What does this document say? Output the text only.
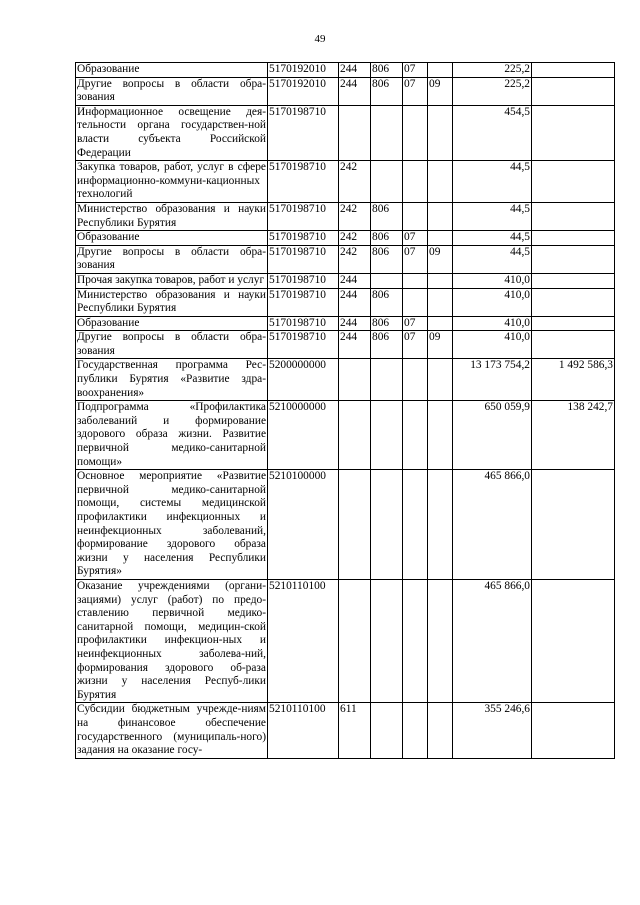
49
Образование	5170192010	244	806	07		225,2	
Другие вопросы в области обра-зования	5170192010	244	806	07	09	225,2	
Информационное освещение дея-тельности органа государствен-ной власти субъекта Российской Федерации	5170198710					454,5	
Закупка товаров, работ, услуг в сфере информационно-коммуни-кационных технологий	5170198710	242				44,5	
Министерство образования и науки Республики Бурятия	5170198710	242	806			44,5	
Образование	5170198710	242	806	07		44,5	
Другие вопросы в области обра-зования	5170198710	242	806	07	09	44,5	
Прочая закупка товаров, работ и услуг	5170198710	244				410,0	
Министерство образования и науки Республики Бурятия	5170198710	244	806			410,0	
Образование	5170198710	244	806	07		410,0	
Другие вопросы в области обра-зования	5170198710	244	806	07	09	410,0	
Государственная программа Рес-публики Бурятия «Развитие здра-воохранения»	5200000000					13 173 754,2	1 492 586,3
Подпрограмма «Профилактика заболеваний и формирование здорового образа жизни. Развитие первичной медико-санитарной помощи»	5210000000					650 059,9	138 242,7
Основное мероприятие «Развитие первичной медико-санитарной помощи, системы медицинской профилактики инфекционных и неинфекционных заболеваний, формирование здорового образа жизни у населения Республики Бурятия»	5210100000					465 866,0	
Оказание учреждениями (органи-зациями) услуг (работ) по предо-ставлению первичной медико-санитарной помощи, медицин-ской профилактики инфекцион-ных и неинфекционных заболева-ний, формирования здорового об-раза жизни у населения Респуб-лики Бурятия	5210110100					465 866,0	
Субсидии бюджетным учрежде-ниям на финансовое обеспечение государственного (муниципаль-ного) задания на оказание госу-	5210110100	611				355 246,6	
